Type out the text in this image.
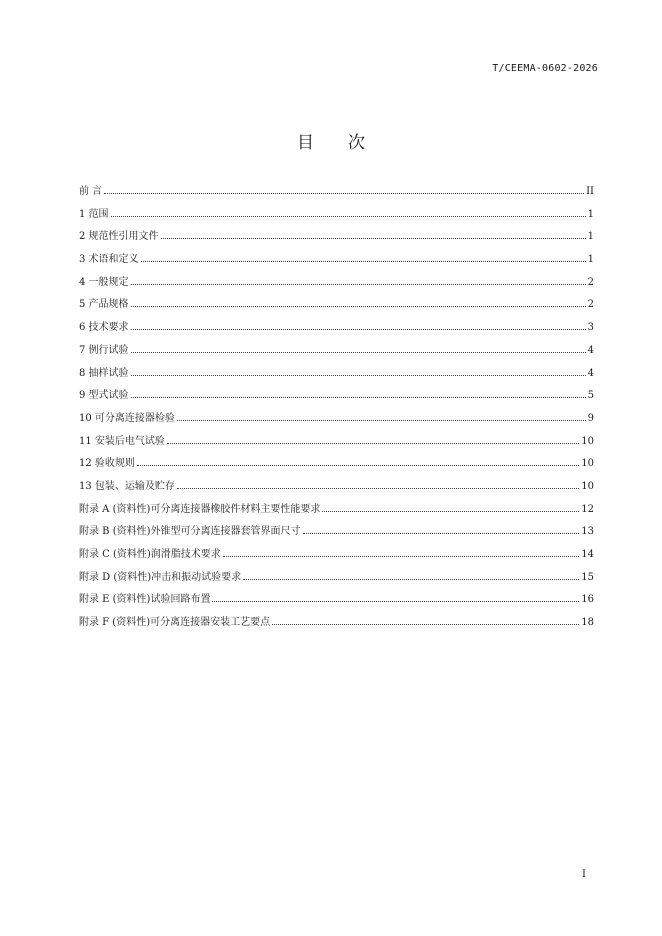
T/CEEMA-0602-2026
目 次
前 言	II
1 范围	1
2 规范性引用文件	1
3 术语和定义	1
4 一般规定	2
5 产品规格	2
6 技术要求	3
7 例行试验	4
8 抽样试验	4
9 型式试验	5
10 可分离连接器检验	9
11 安装后电气试验	10
12 验收规则	10
13 包装、运输及贮存	10
附录 A (资料性)可分离连接器橡胶件材料主要性能要求	12
附录 B (资料性)外锥型可分离连接器套管界面尺寸	13
附录 C (资料性)润滑脂技术要求	14
附录 D (资料性)冲击和振动试验要求	15
附录 E (资料性)试验回路布置	16
附录 F (资料性)可分离连接器安装工艺要点	18
I
